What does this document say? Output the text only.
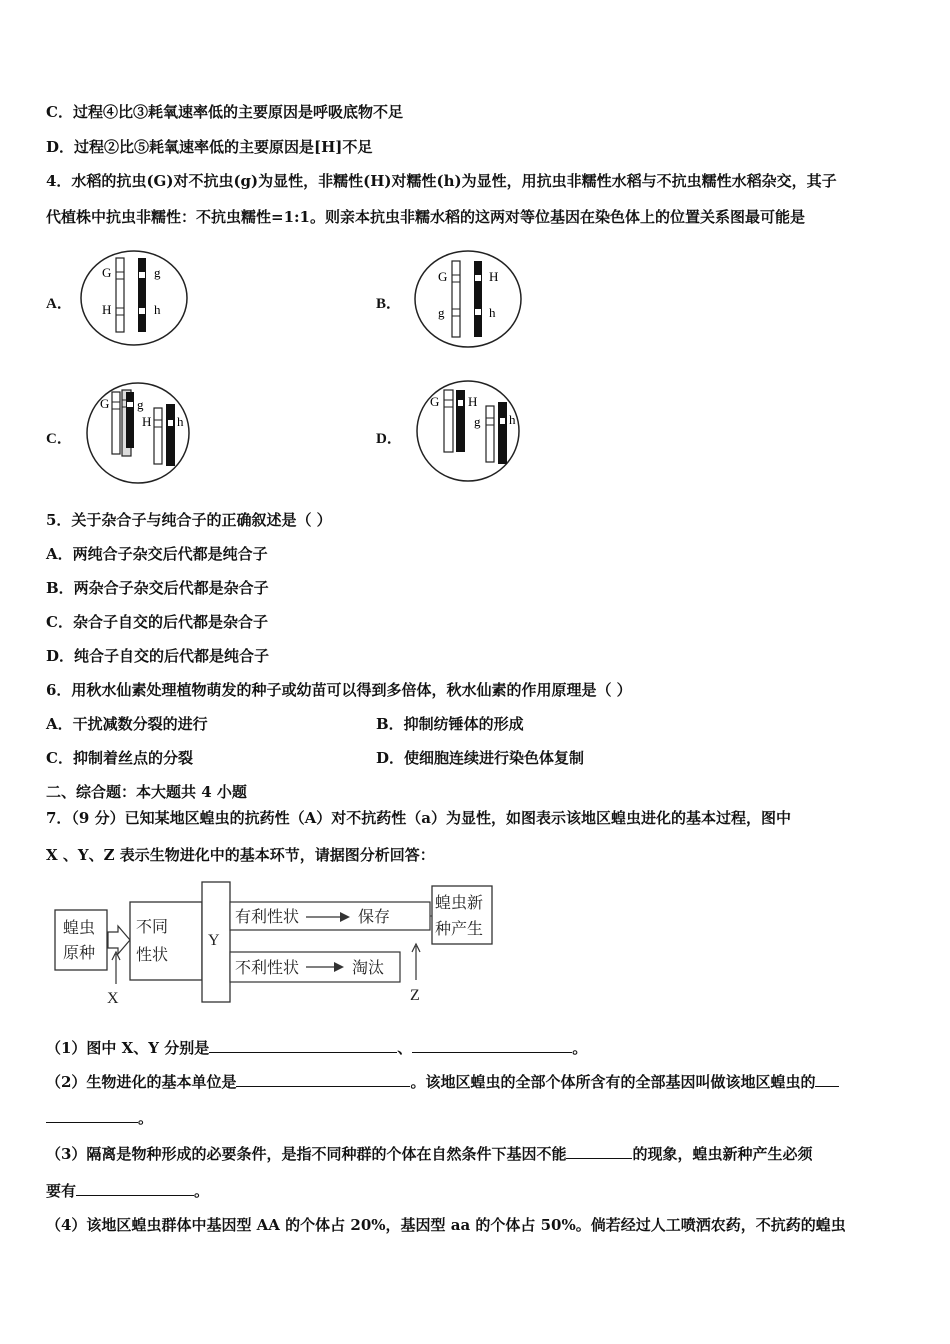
C．过程④比③耗氧速率低的主要原因是呼吸底物不足
D．过程②比⑤耗氧速率低的主要原因是[H]不足
4．水稻的抗虫(G)对不抗虫(g)为显性，非糯性(H)对糯性(h)为显性，用抗虫非糯性水稻与不抗虫糯性水稻杂交，其子
代植株中抗虫非糯性：不抗虫糯性=1:1。则亲本抗虫非糯水稻的这两对等位基因在染色体上的位置关系图最可能是
A．
G
H
g
h	B．
G
g
H
h
C．
G g
H h
D．
G H
g h
5．关于杂合子与纯合子的正确叙述是（ ）
A．两纯合子杂交后代都是纯合子
B．两杂合子杂交后代都是杂合子
C．杂合子自交的后代都是杂合子
D．纯合子自交的后代都是纯合子
6．用秋水仙素处理植物萌发的种子或幼苗可以得到多倍体，秋水仙素的作用原理是（ ）
A．干扰减数分裂的进行	B．抑制纺锤体的形成
C．抑制着丝点的分裂	D．使细胞连续进行染色体复制
二、综合题：本大题共 4 小题
7．（9 分）已知某地区蝗虫的抗药性（A）对不抗药性（a）为显性，如图表示该地区蝗虫进化的基本过程，图中
X 、Y、Z 表示生物进化中的基本环节，请据图分析回答：
蝗虫
原种
X
不同
性状
Y
有利性状	保存
不利性状	淘汰
蝗虫新
种产生
Z
（1）图中 X、Y 分别是	、	。
（2）生物进化的基本单位是	。该地区蝗虫的全部个体所含有的全部基因叫做该地区蝗虫的
。
（3）隔离是物种形成的必要条件，是指不同种群的个体在自然条件下基因不能	的现象，蝗虫新种产生必须
要有	。
（4）该地区蝗虫群体中基因型 AA 的个体占 20%，基因型 aa 的个体占 50%。倘若经过人工喷洒农药，不抗药的蝗虫
